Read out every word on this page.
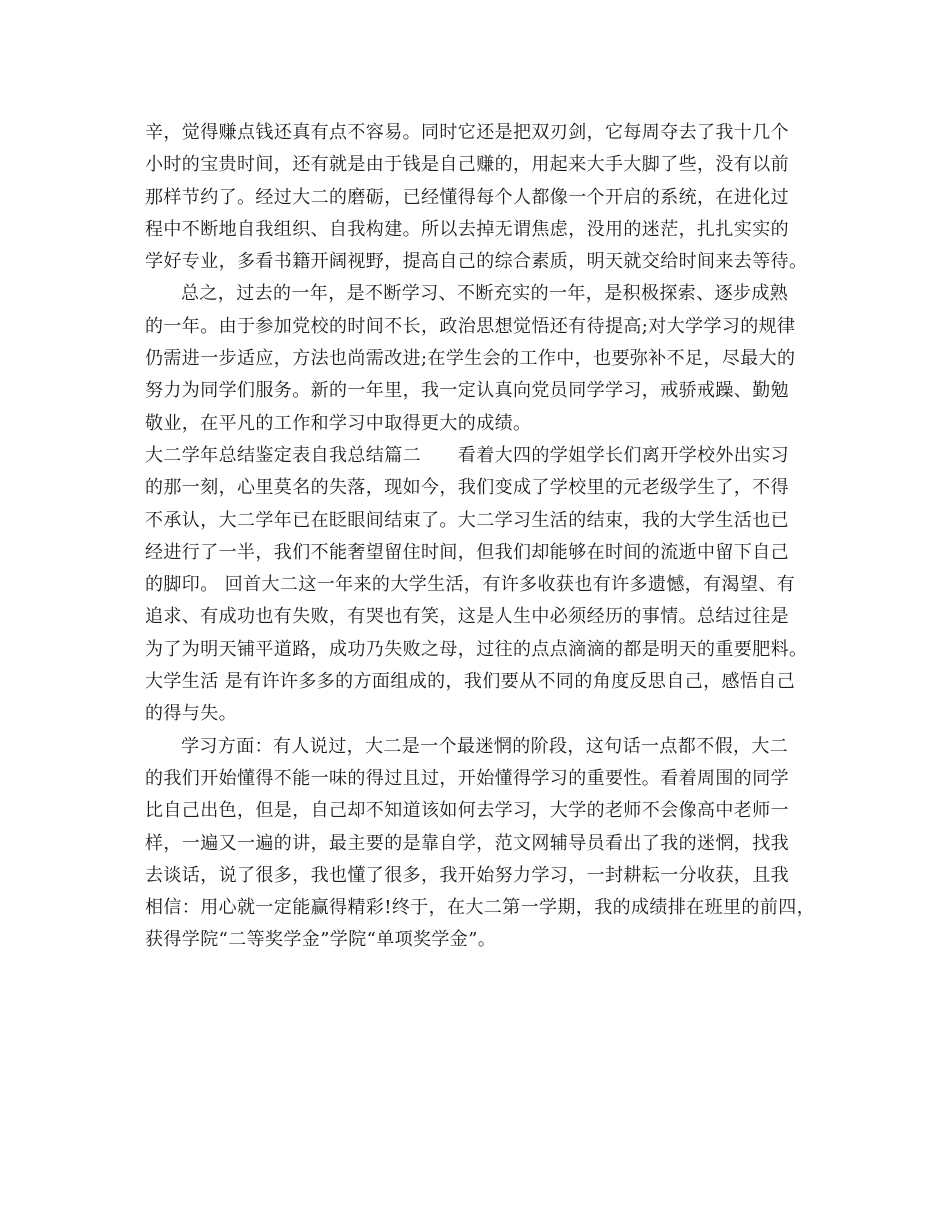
辛，觉得赚点钱还真有点不容易。同时它还是把双刃剑，它每周夺去了我十几个
小时的宝贵时间，还有就是由于钱是自己赚的，用起来大手大脚了些，没有以前
那样节约了。经过大二的磨砺，已经懂得每个人都像一个开启的系统，在进化过
程中不断地自我组织、自我构建。所以去掉无谓焦虑，没用的迷茫，扎扎实实的
学好专业，多看书籍开阔视野，提高自己的综合素质，明天就交给时间来去等待。
总之，过去的一年，是不断学习、不断充实的一年，是积极探索、逐步成熟
的一年。由于参加党校的时间不长，政治思想觉悟还有待提高;对大学学习的规律
仍需进一步适应，方法也尚需改进;在学生会的工作中，也要弥补不足，尽最大的
努力为同学们服务。新的一年里，我一定认真向党员同学学习，戒骄戒躁、勤勉
敬业，在平凡的工作和学习中取得更大的成绩。
大二学年总结鉴定表自我总结篇二　　看着大四的学姐学长们离开学校外出实习
的那一刻，心里莫名的失落，现如今，我们变成了学校里的元老级学生了，不得
不承认，大二学年已在眨眼间结束了。大二学习生活的结束，我的大学生活也已
经进行了一半，我们不能奢望留住时间，但我们却能够在时间的流逝中留下自己
的脚印。 回首大二这一年来的大学生活，有许多收获也有许多遗憾，有渴望、有
追求、有成功也有失败，有哭也有笑，这是人生中必须经历的事情。总结过往是
为了为明天铺平道路，成功乃失败之母，过往的点点滴滴的都是明天的重要肥料。
大学生活 是有许许多多的方面组成的，我们要从不同的角度反思自己，感悟自己
的得与失。
学习方面：有人说过，大二是一个最迷惘的阶段，这句话一点都不假，大二
的我们开始懂得不能一味的得过且过，开始懂得学习的重要性。看着周围的同学
比自己出色，但是，自己却不知道该如何去学习，大学的老师不会像高中老师一
样，一遍又一遍的讲，最主要的是靠自学，范文网辅导员看出了我的迷惘，找我
去谈话，说了很多，我也懂了很多，我开始努力学习，一封耕耘一分收获，且我
相信：用心就一定能赢得精彩!终于，在大二第一学期，我的成绩排在班里的前四，
获得学院“二等奖学金”学院“单项奖学金”。
